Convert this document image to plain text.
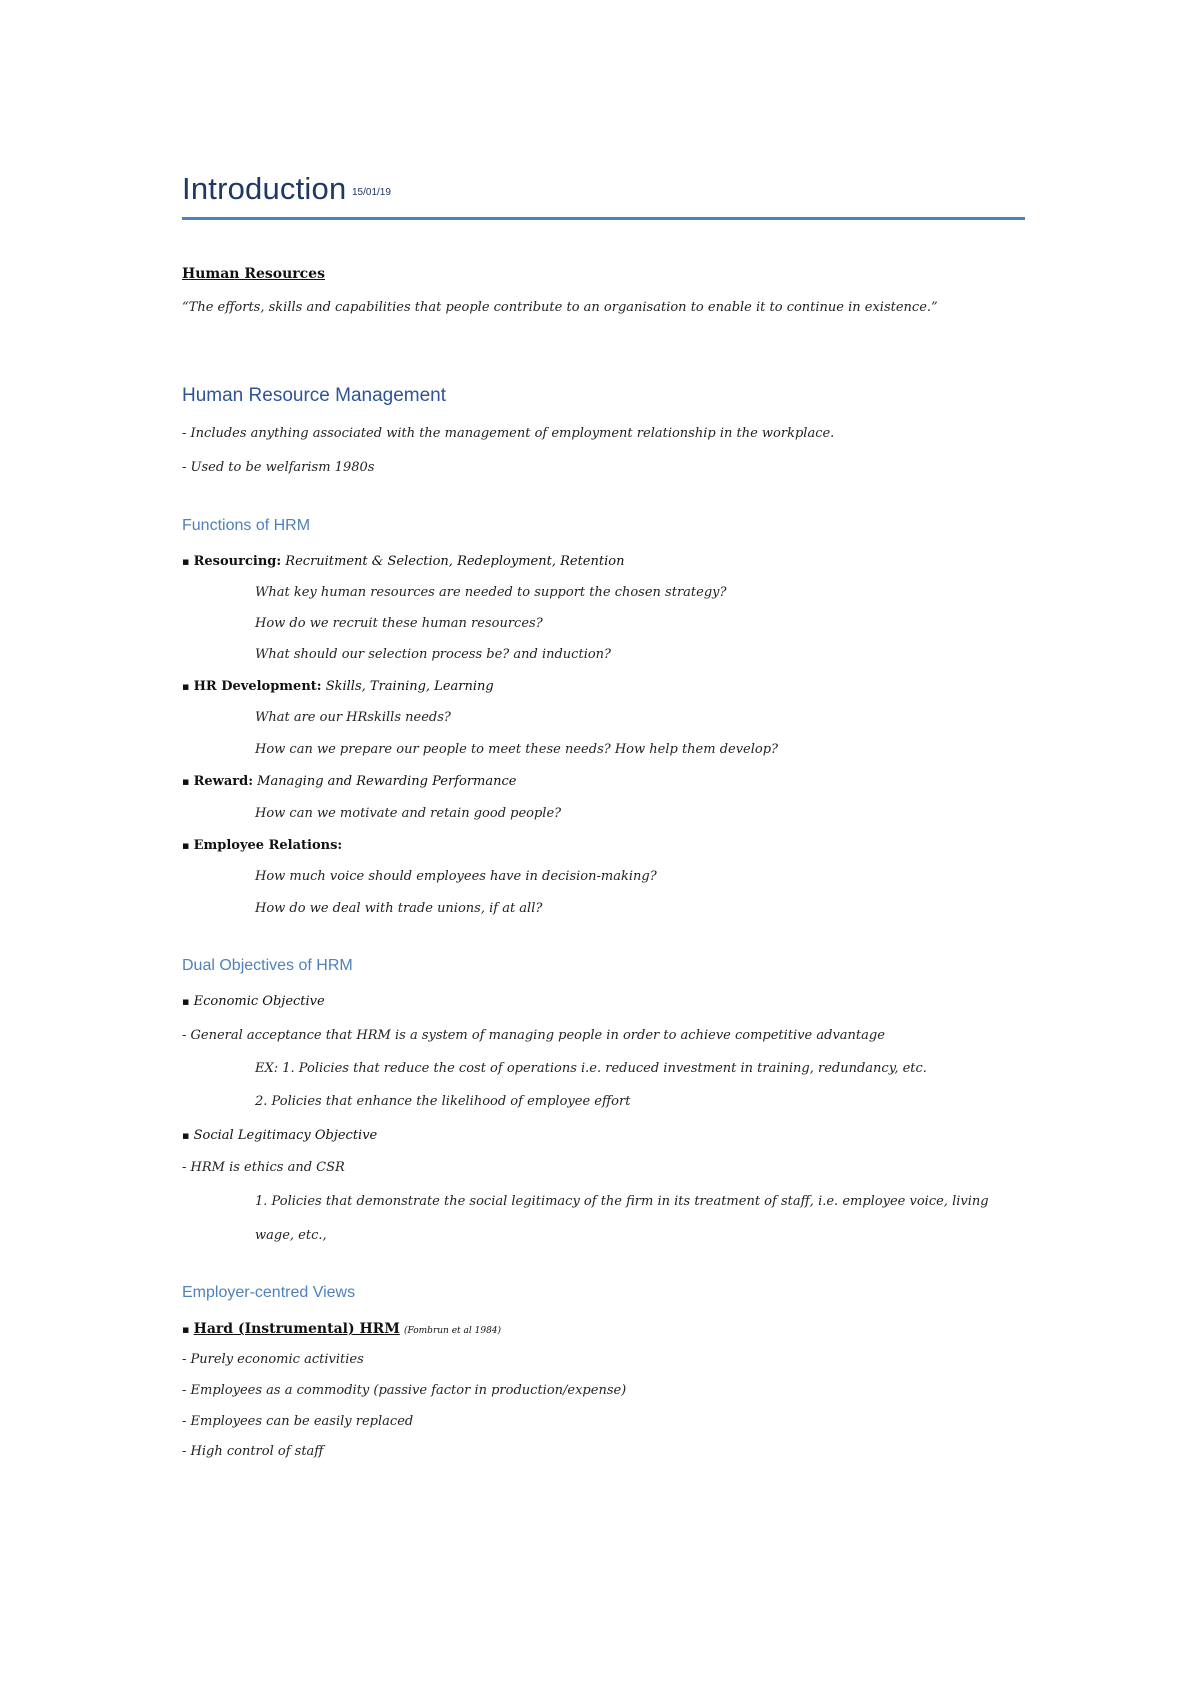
Introduction 15/01/19
Human Resources
“The efforts, skills and capabilities that people contribute to an organisation to enable it to continue in existence.”
Human Resource Management
- Includes anything associated with the management of employment relationship in the workplace.
- Used to be welfarism 1980s
Functions of HRM
▪ Resourcing: Recruitment & Selection, Redeployment, Retention
What key human resources are needed to support the chosen strategy?
How do we recruit these human resources?
What should our selection process be? and induction?
▪ HR Development: Skills, Training, Learning
What are our HRskills needs?
How can we prepare our people to meet these needs? How help them develop?
▪ Reward: Managing and Rewarding Performance
How can we motivate and retain good people?
▪ Employee Relations:
How much voice should employees have in decision-making?
How do we deal with trade unions, if at all?
Dual Objectives of HRM
▪ Economic Objective
- General acceptance that HRM is a system of managing people in order to achieve competitive advantage
EX: 1. Policies that reduce the cost of operations i.e. reduced investment in training, redundancy, etc.
2. Policies that enhance the likelihood of employee effort
▪ Social Legitimacy Objective
- HRM is ethics and CSR
1. Policies that demonstrate the social legitimacy of the firm in its treatment of staff, i.e. employee voice, living
wage, etc.,
Employer-centred Views
▪ Hard (Instrumental) HRM (Fombrun et al 1984)
- Purely economic activities
- Employees as a commodity (passive factor in production/expense)
- Employees can be easily replaced
- High control of staff
